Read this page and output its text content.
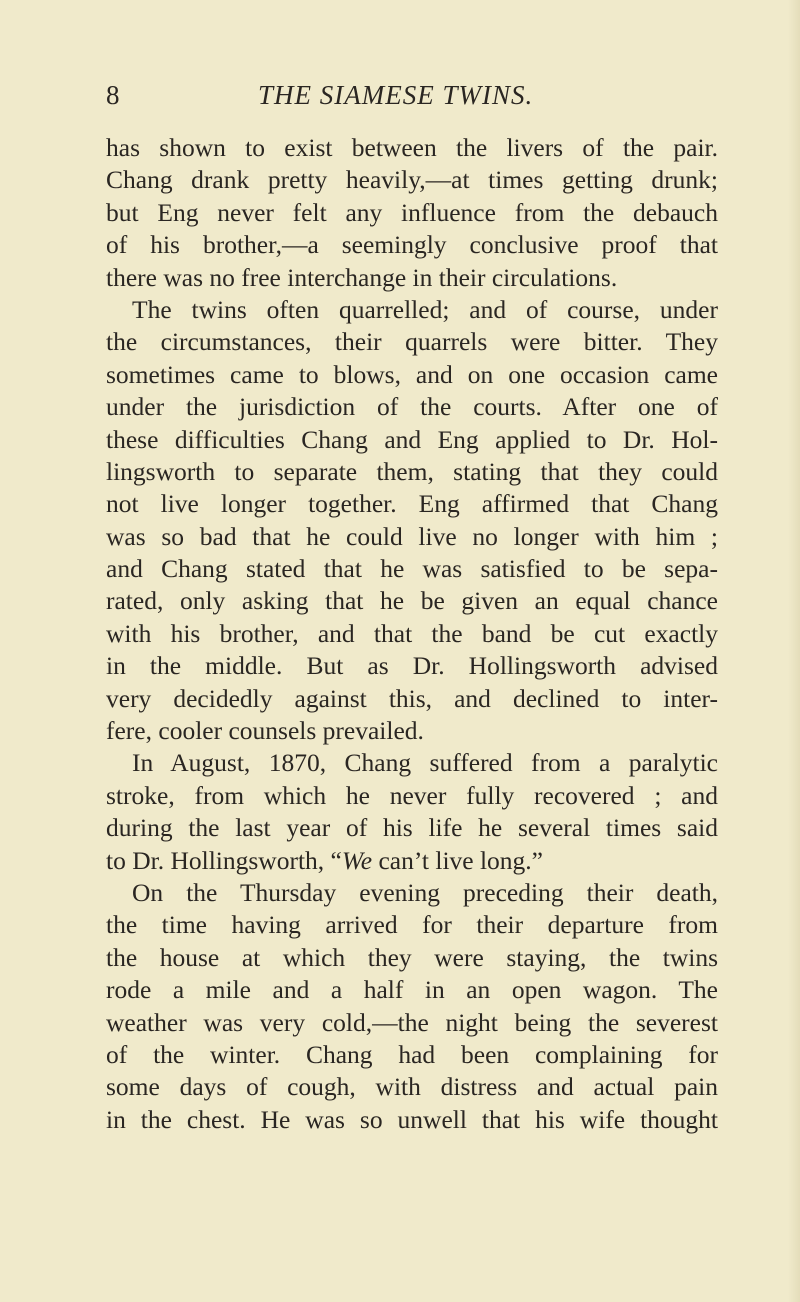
8	THE SIAMESE TWINS.
has shown to exist between the livers of the pair.
Chang drank pretty heavily,—at times getting drunk;
but Eng never felt any influence from the debauch
of his brother,—a seemingly conclusive proof that
there was no free interchange in their circulations.
The twins often quarrelled; and of course, under
the circumstances, their quarrels were bitter. They
sometimes came to blows, and on one occasion came
under the jurisdiction of the courts. After one of
these difficulties Chang and Eng applied to Dr. Hol-
lingsworth to separate them, stating that they could
not live longer together. Eng affirmed that Chang
was so bad that he could live no longer with him ;
and Chang stated that he was satisfied to be sepa-
rated, only asking that he be given an equal chance
with his brother, and that the band be cut exactly
in the middle. But as Dr. Hollingsworth advised
very decidedly against this, and declined to inter-
fere, cooler counsels prevailed.
In August, 1870, Chang suffered from a paralytic
stroke, from which he never fully recovered ; and
during the last year of his life he several times said
to Dr. Hollingsworth, “We can’t live long.”
On the Thursday evening preceding their death,
the time having arrived for their departure from
the house at which they were staying, the twins
rode a mile and a half in an open wagon. The
weather was very cold,—the night being the severest
of the winter. Chang had been complaining for
some days of cough, with distress and actual pain
in the chest. He was so unwell that his wife thought
